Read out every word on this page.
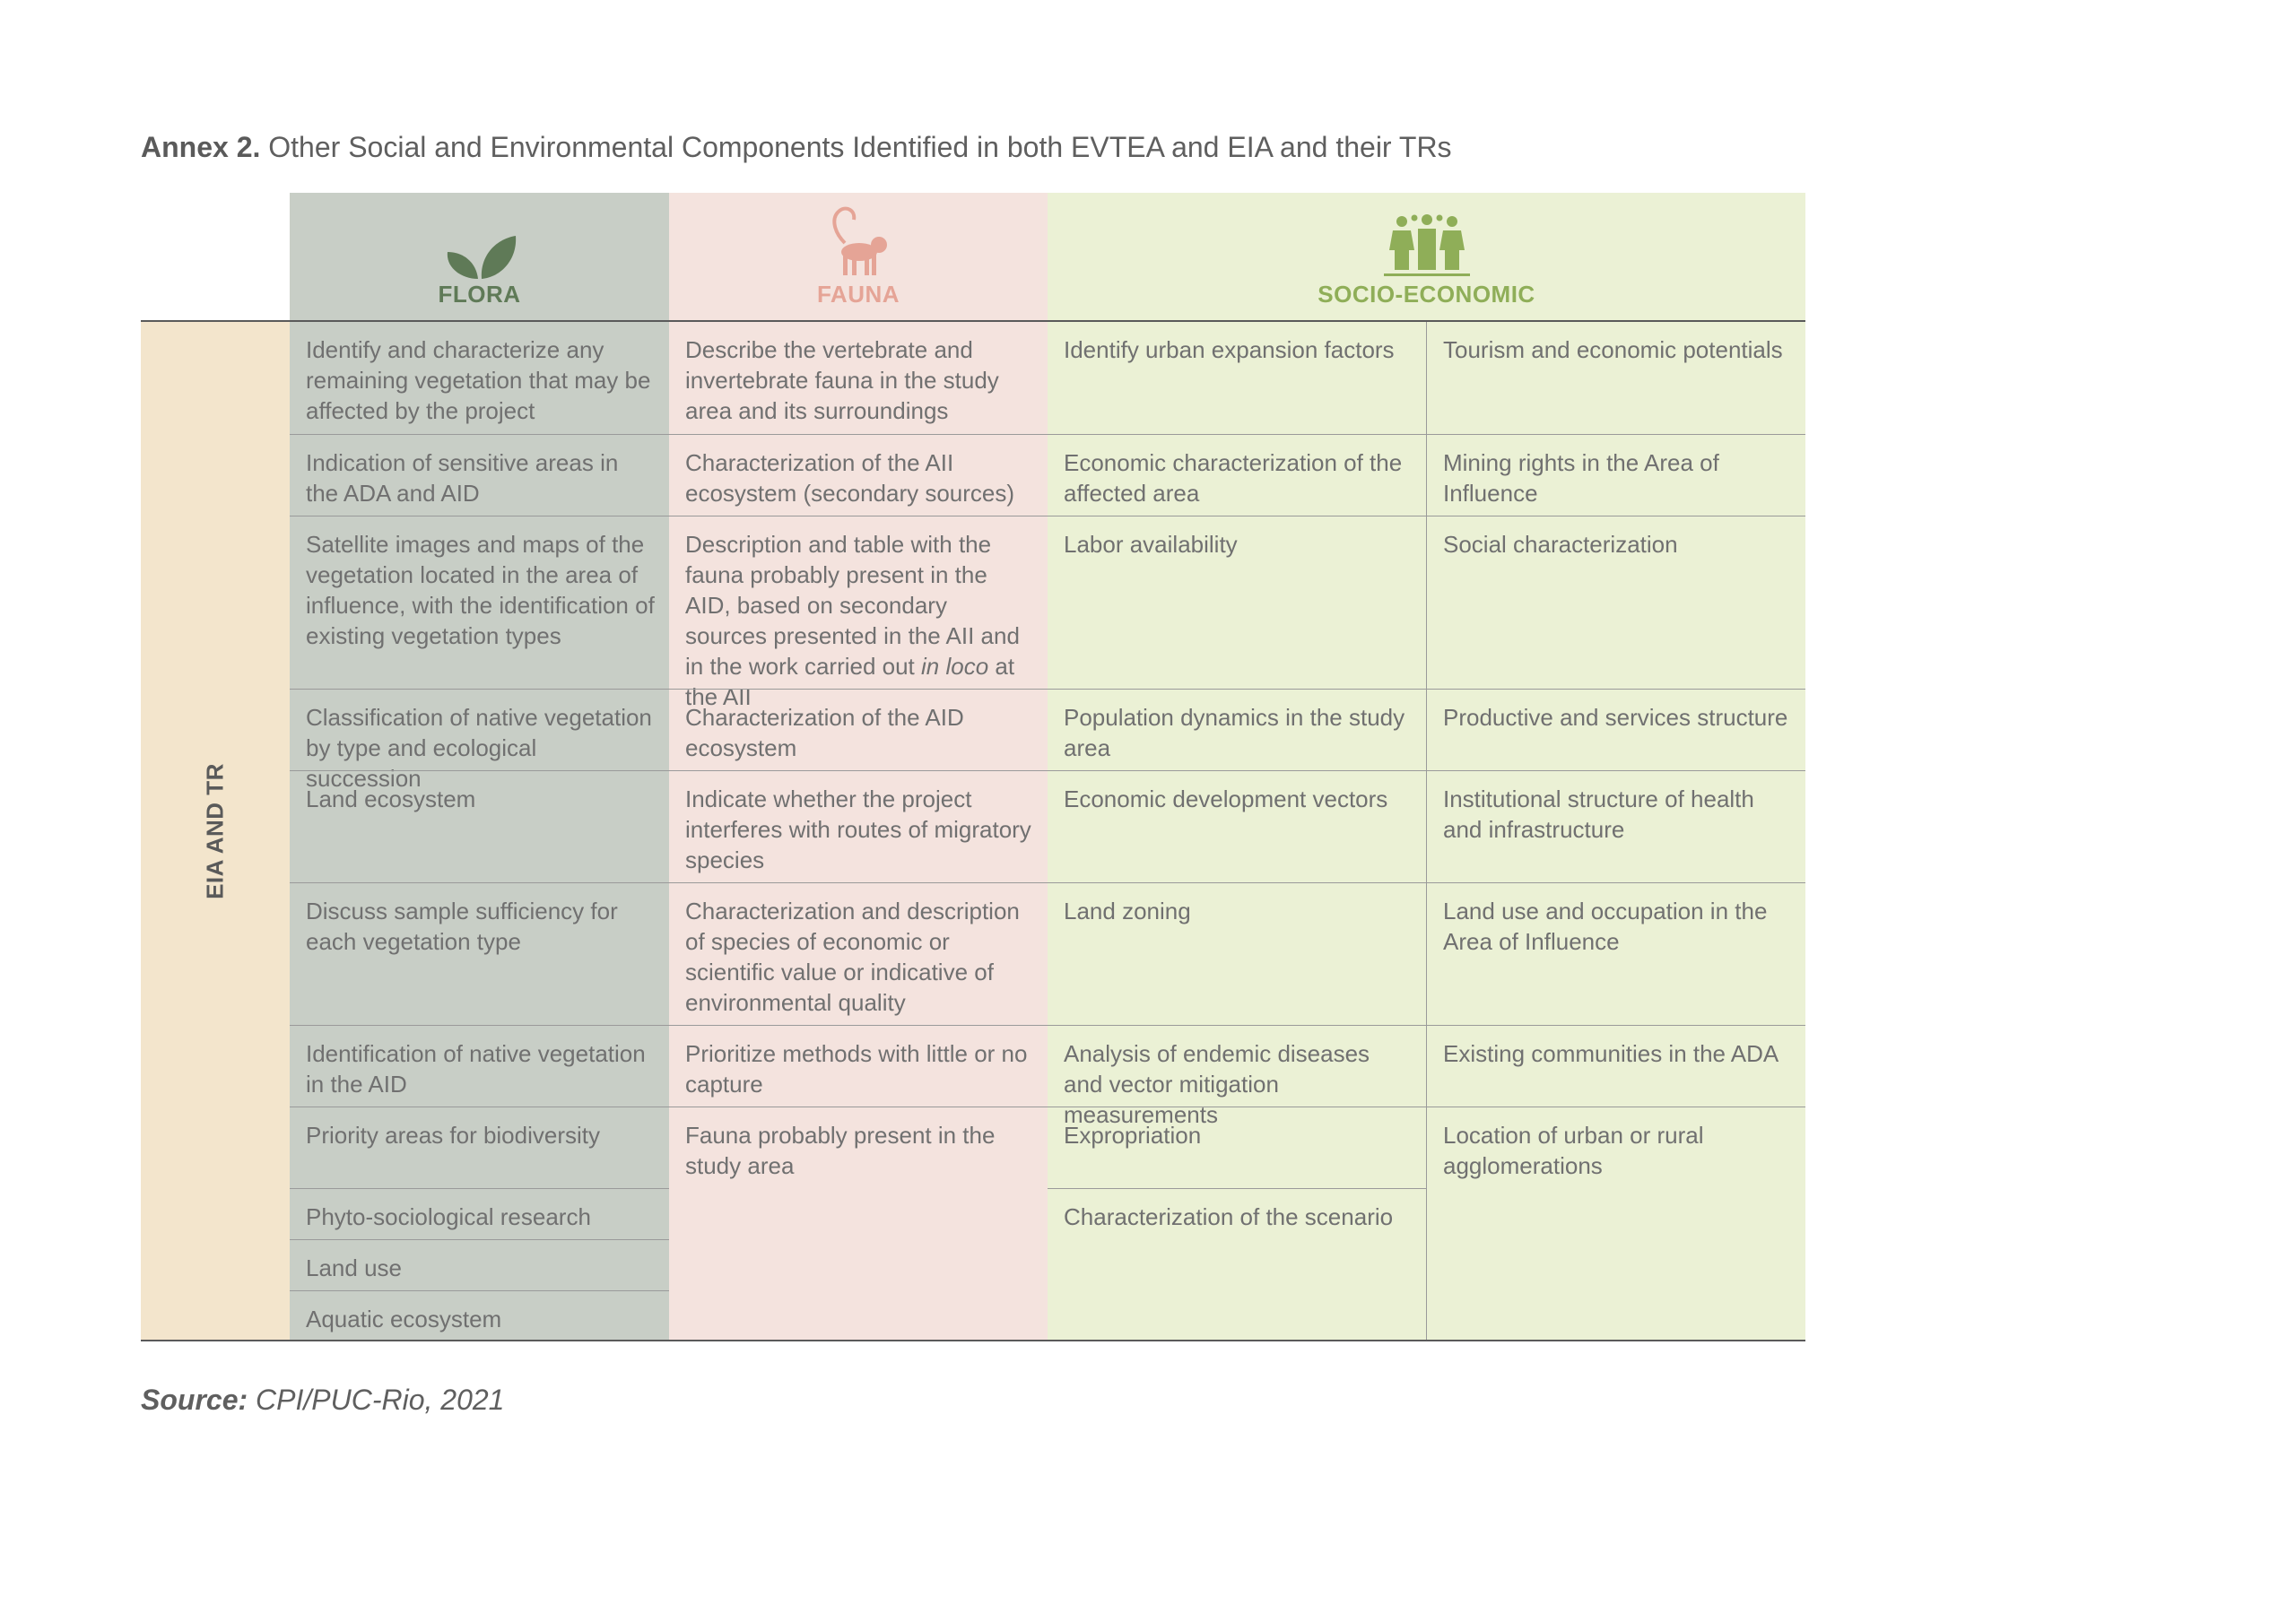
Annex 2. Other Social and Environmental Components Identified in both EVTEA and EIA and their TRs
FLORA	FAUNA	SOCIO-ECONOMIC
EIA AND TR
Identify and characterize any remaining vegetation that may be affected by the project
Indication of sensitive areas in the ADA and AID
Satellite images and maps of the vegetation located in the area of influence, with the identification of existing vegetation types
Classification of native vegetation by type and ecological succession
Land ecosystem
Discuss sample sufficiency for each vegetation type
Identification of native vegetation in the AID
Priority areas for biodiversity
Phyto-sociological research
Land use
Aquatic ecosystem
Describe the vertebrate and invertebrate fauna in the study area and its surroundings
Characterization of the AII ecosystem (secondary sources)
Description and table with the fauna probably present in the AID, based on secondary sources presented in the AII and in the work carried out in loco at the AII
Characterization of the AID ecosystem
Indicate whether the project interferes with routes of migratory species
Characterization and description of species of economic or scientific value or indicative of environmental quality
Prioritize methods with little or no capture
Fauna probably present in the study area
Identify urban expansion factors
Economic characterization of the affected area
Labor availability
Population dynamics in the study area
Economic development vectors
Land zoning
Analysis of endemic diseases and vector mitigation measurements
Expropriation
Characterization of the scenario
Tourism and economic potentials
Mining rights in the Area of Influence
Social characterization
Productive and services structure
Institutional structure of health and infrastructure
Land use and occupation in the Area of Influence
Existing communities in the ADA
Location of urban or rural agglomerations
Source: CPI/PUC-Rio, 2021
